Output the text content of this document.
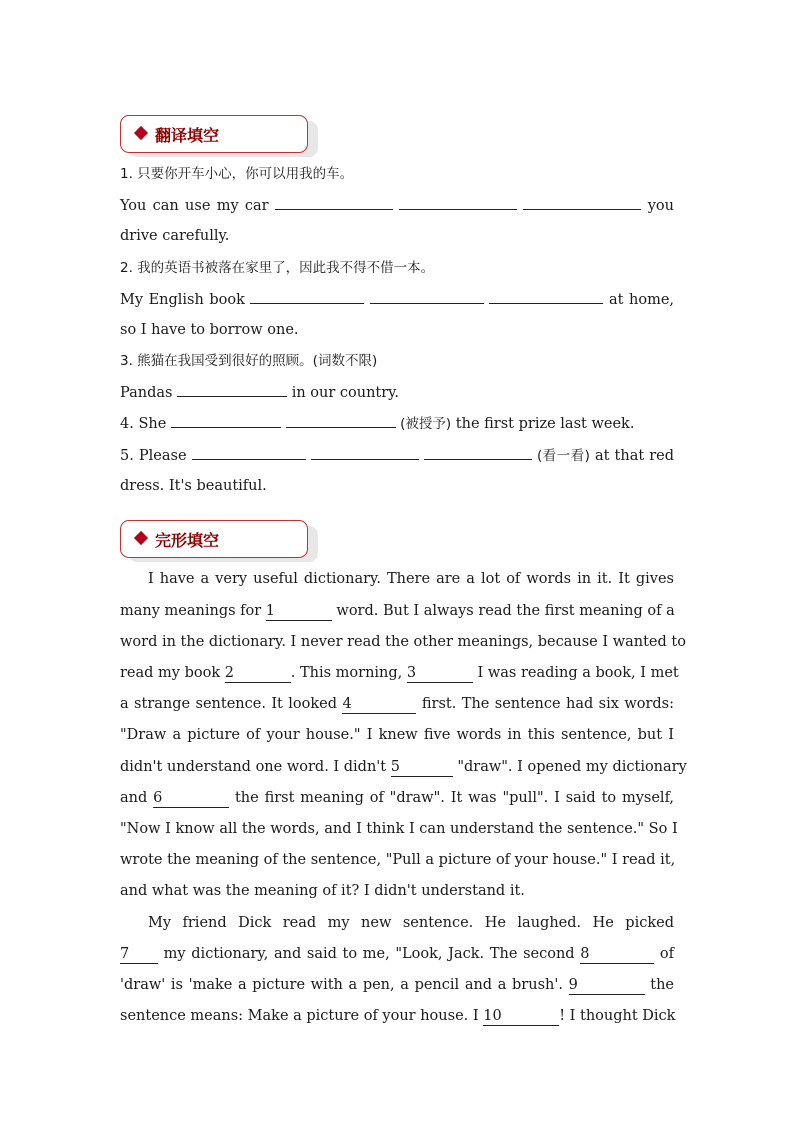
翻译填空
1. 只要你开车小心，你可以用我的车。
You can use my car	you
drive carefully.
2. 我的英语书被落在家里了，因此我不得不借一本。
My English book	at home,
so I have to borrow one.
3. 熊猫在我国受到很好的照顾。(词数不限)
Pandas	in our country.
4. She	(被授予) the first prize last week.
5. Please	(看一看) at that red
dress. It's beautiful.
完形填空
I have a very useful dictionary. There are a lot of words in it. It gives
many meanings for 1	word. But I always read the first meaning of a
word in the dictionary. I never read the other meanings, because I wanted to
read my book 2	. This morning, 3	I was reading a book, I met
a strange sentence. It looked 4	first. The sentence had six words:
"Draw a picture of your house." I knew five words in this sentence, but I
didn't understand one word. I didn't 5	"draw". I opened my dictionary
and 6	the first meaning of "draw". It was "pull". I said to myself,
"Now I know all the words, and I think I can understand the sentence." So I
wrote the meaning of the sentence, "Pull a picture of your house." I read it,
and what was the meaning of it? I didn't understand it.
My friend Dick read my new sentence. He laughed. He picked
7 my dictionary, and said to me, "Look, Jack. The second 8	of
'draw' is 'make a picture with a pen, a pencil and a brush'. 9	the
sentence means: Make a picture of your house. I 10	! I thought Dick
